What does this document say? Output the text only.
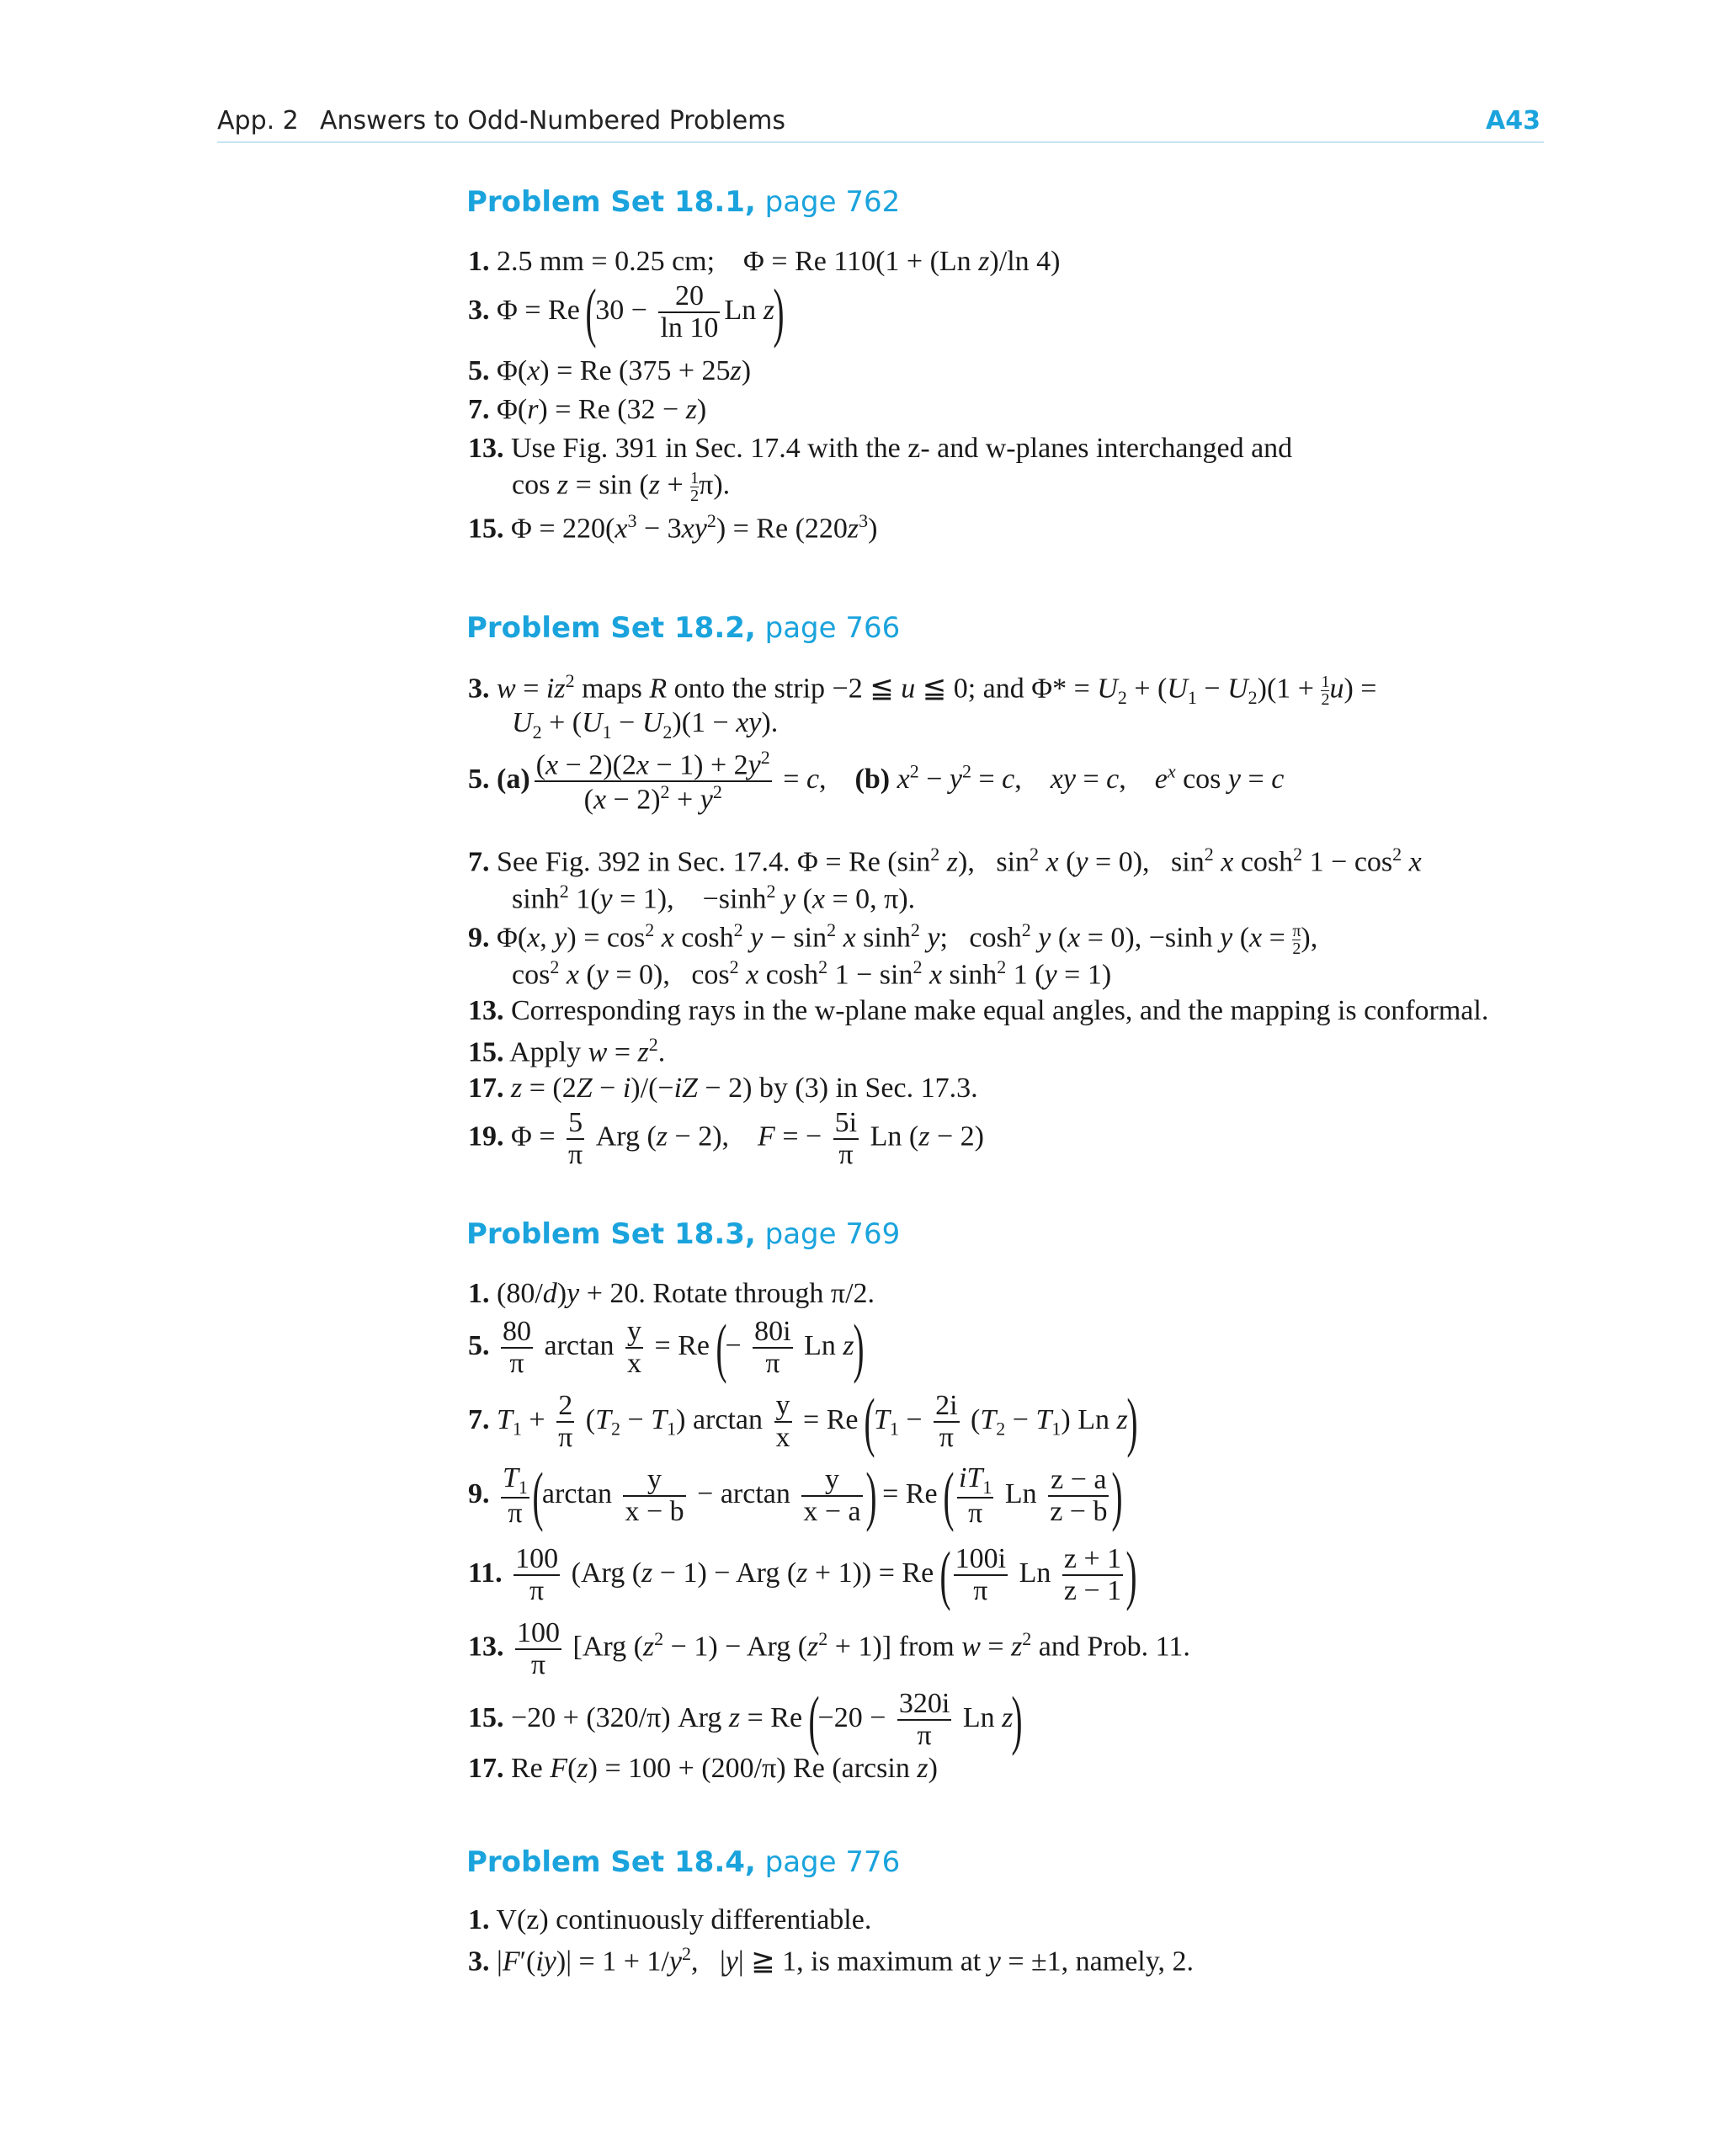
App. 2 Answers to Odd-Numbered Problems	A43
Problem Set 18.1, page 762
1. 2.5 mm = 0.25 cm;    Φ = Re 110(1 + (Ln z)/ln 4)
3. Φ = Re ($30 - \frac{20}{\ln 10}$ Ln z)
5. Φ(x) = Re (375 + 25z)
7. Φ(r) = Re (32 − z)
13. Use Fig. 391 in Sec. 17.4 with the z- and w-planes interchanged and
$\cos z = \sin (z + \frac{1}{2} \pi)$.
15. $\Phi = 220(x^3 - 3xy^2) = Re$ $(220z^3)$
Problem Set 18.2, page 766
3. $w = iz^2$ maps R onto the strip −2 ≦ u ≦ 0; and $\Phi* = U_2 + (U_1 - U_2)(1 + \frac{1}{2} u)$ =
$U_2 + (U_1 - U_2)(1 - xy)$.
5. $(a) \frac{(x - 2)(2x - 1) + 2y^2}{(x - 2)^2 + y^2} = c$,    (b) $x^2 - y^2 = c$,    xy = c,    $e^x$ cos y = c
7. See Fig. 392 in Sec. 17.4. Φ = Re ($\sin^2$ z),   $\sin^2 x$ (y = 0),   $\sin^2 x$ $\cosh^2 1 - \cos^2 x$
$\sinh^2 1(y = 1)$,    $-\sinh^2$ y (x = 0, π).
9. Φ(x, $y) = \cos^2 x$ $\cosh^2 y - \sin^2 x$ $\sinh^2 y$;   $\cosh^2 y$ (x = 0), −sinh y ($x = \frac{\pi}{2}$ ),
$\cos^2 x$ (y = 0),   $\cos^2 x$ $\cosh^2 1 - \sin^2 x$ $\sinh^2 1$ (y = 1)
13. Corresponding rays in the w-plane make equal angles, and the mapping is conformal.
15. Apply $w = z^2$.
17. z = (2Z − i)/(−iZ − 2) by (3) in Sec. 17.3.
19. $\Phi = \frac{5}{\pi}$ Arg (z − 2),    F = − $\frac{5i}{\pi}$ Ln (z − 2)
Problem Set 18.3, page 769
1. (80/d)y + 20. Rotate through π/2.
5. $\frac{80}{\pi}$ $\arctan \frac{y}{x} = Re$ (− $\frac{80i}{\pi}$ Ln z)
7. $T_1 + \frac{2}{\pi} (T_2 - T_1)$ $\arctan \frac{y}{x} = Re$ ($T_1 - \frac{2i}{\pi} (T_2 - T_1)$ Ln z)
9. $\frac{T_1}{\pi} (\arctan \frac{y}{x - b} - \arctan \frac{y}{x - a}$ ) = Re ( $\frac{iT_1}{\pi}$ Ln $\frac{z - a}{z - b}$ )
11. $\frac{100}{\pi} (Arg$ (z − 1) − Arg (z + 1)) = Re ( $\frac{100i}{\pi}$ Ln $\frac{z + 1}{z - 1}$ )
13. $\frac{100}{\pi} [Arg$ $(z^2 - 1)$ − Arg $(z^2 + 1)$] from $w = z^2$ and Prob. 11.
15. −20 + (320/π) Arg z = Re ($-20 - \frac{320i}{\pi}$ Ln z)
17. Re F(z) = 100 + (200/π) Re (arcsin z)
Problem Set 18.4, page 776
1. V(z) continuously differentiable.
3. $|F'(iy)| = 1 + 1/y^2$,   |y| ≧ 1, is maximum at y = ±1, namely, 2.
